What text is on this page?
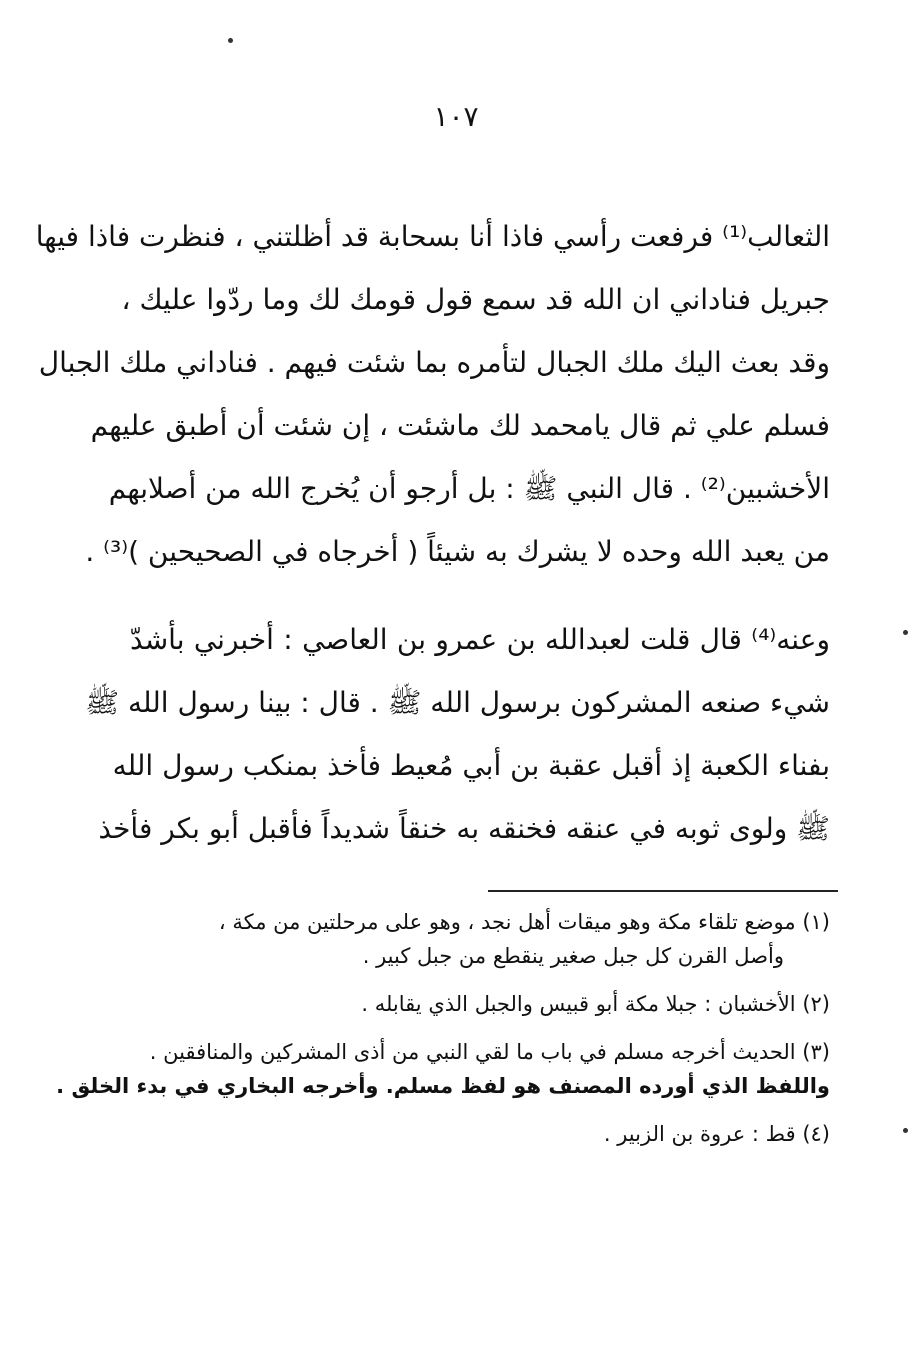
١٠٧
الثعالب⁽¹⁾ فرفعت رأسي فاذا أنا بسحابة قد أظلتني ، فنظرت فاذا فيها
جبريل فناداني ان الله قد سمع قول قومك لك وما ردّوا عليك ،
وقد بعث اليك ملك الجبال لتأمره بما شئت فيهم . فناداني ملك الجبال
فسلم علي ثم قال يامحمد لك ماشئت ، إن شئت أن أطبق عليهم
الأخشبين⁽²⁾ . قال النبي ﷺ : بل أرجو أن يُخرج الله من أصلابهم
من يعبد الله وحده لا يشرك به شيئاً ( أخرجاه في الصحيحين )⁽³⁾ .
وعنه⁽⁴⁾ قال قلت لعبدالله بن عمرو بن العاصي : أخبرني بأشدّ
شيء صنعه المشركون برسول الله ﷺ . قال : بينا رسول الله ﷺ
بفناء الكعبة إذ أقبل عقبة بن أبي مُعيط فأخذ بمنكب رسول الله
ﷺ ولوى ثوبه في عنقه فخنقه به خنقاً شديداً فأقبل أبو بكر فأخذ
(١) موضع تلقاء مكة وهو ميقات أهل نجد ، وهو على مرحلتين من مكة ،
وأصل القرن كل جبل صغير ينقطع من جبل كبير .
(٢) الأخشبان : جبلا مكة أبو قبيس والجبل الذي يقابله .
(٣) الحديث أخرجه مسلم في باب ما لقي النبي من أذى المشركين والمنافقين .
واللفظ الذي أورده المصنف هو لفظ مسلم. وأخرجه البخاري في بدء الخلق .
(٤) قط : عروة بن الزبير .
